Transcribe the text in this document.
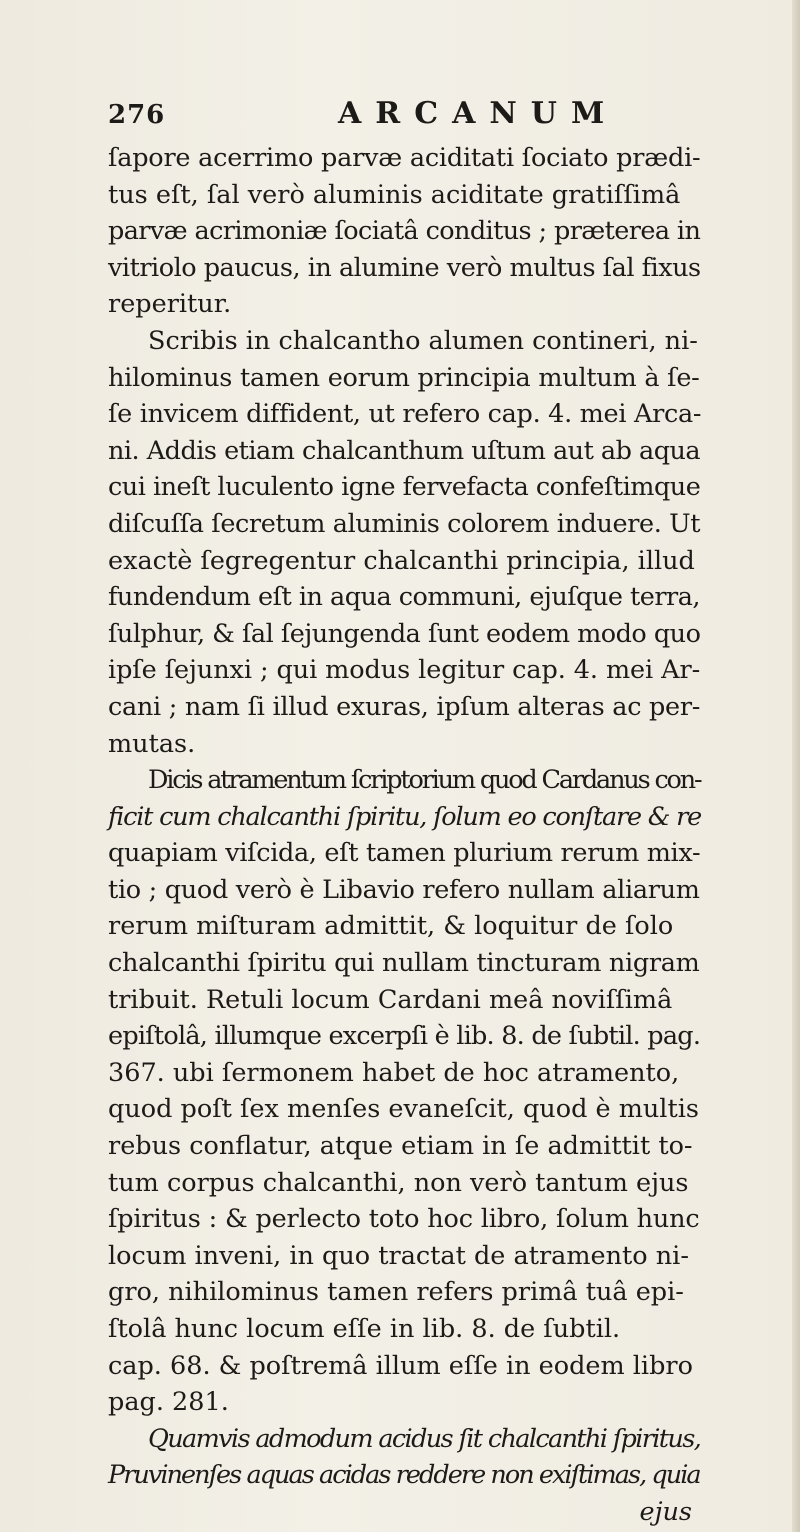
276	ARCANUM
ſapore acerrimo parvæ aciditati ſociato prædi-
tus eſt, ſal verò aluminis aciditate gratiſſimâ
parvæ acrimoniæ ſociatâ conditus ; præterea in
vitriolo paucus, in alumine verò multus ſal fixus
reperitur.
Scribis in chalcantho alumen contineri, ni-
hilominus tamen eorum principia multum à ſe-
ſe invicem diffident, ut refero cap. 4. mei Arca-
ni. Addis etiam chalcanthum uſtum aut ab aqua
cui ineſt luculento igne fervefacta confeſtimque
diſcuſſa ſecretum aluminis colorem induere. Ut
exactè ſegregentur chalcanthi principia, illud
fundendum eſt in aqua communi, ejuſque terra,
ſulphur, & ſal ſejungenda ſunt eodem modo quo
ipſe ſejunxi ; qui modus legitur cap. 4. mei Ar-
cani ; nam ſi illud exuras, ipſum alteras ac per-
mutas.
Dicis atramentum ſcriptorium quod Cardanus con-
ficit cum chalcanthi ſpiritu, ſolum eo conſtare & re
quapiam viſcida, eſt tamen plurium rerum mix-
tio ; quod verò è Libavio refero nullam aliarum
rerum miſturam admittit, & loquitur de ſolo
chalcanthi ſpiritu qui nullam tincturam nigram
tribuit. Retuli locum Cardani meâ noviſſimâ
epiſtolâ, illumque excerpſi è lib. 8. de ſubtil. pag.
367. ubi ſermonem habet de hoc atramento,
quod poſt ſex menſes evaneſcit, quod è multis
rebus conflatur, atque etiam in ſe admittit to-
tum corpus chalcanthi, non verò tantum ejus
ſpiritus : & perlecto toto hoc libro, ſolum hunc
locum inveni, in quo tractat de atramento ni-
gro, nihilominus tamen refers primâ tuâ epi-
ſtolâ hunc locum eſſe in lib. 8. de ſubtil.
cap. 68. & poſtremâ illum eſſe in eodem libro
pag. 281.
Quamvis admodum acidus ſit chalcanthi ſpiritus,
Pruvinenſes aquas acidas reddere non exiſtimas, quia
ejus
